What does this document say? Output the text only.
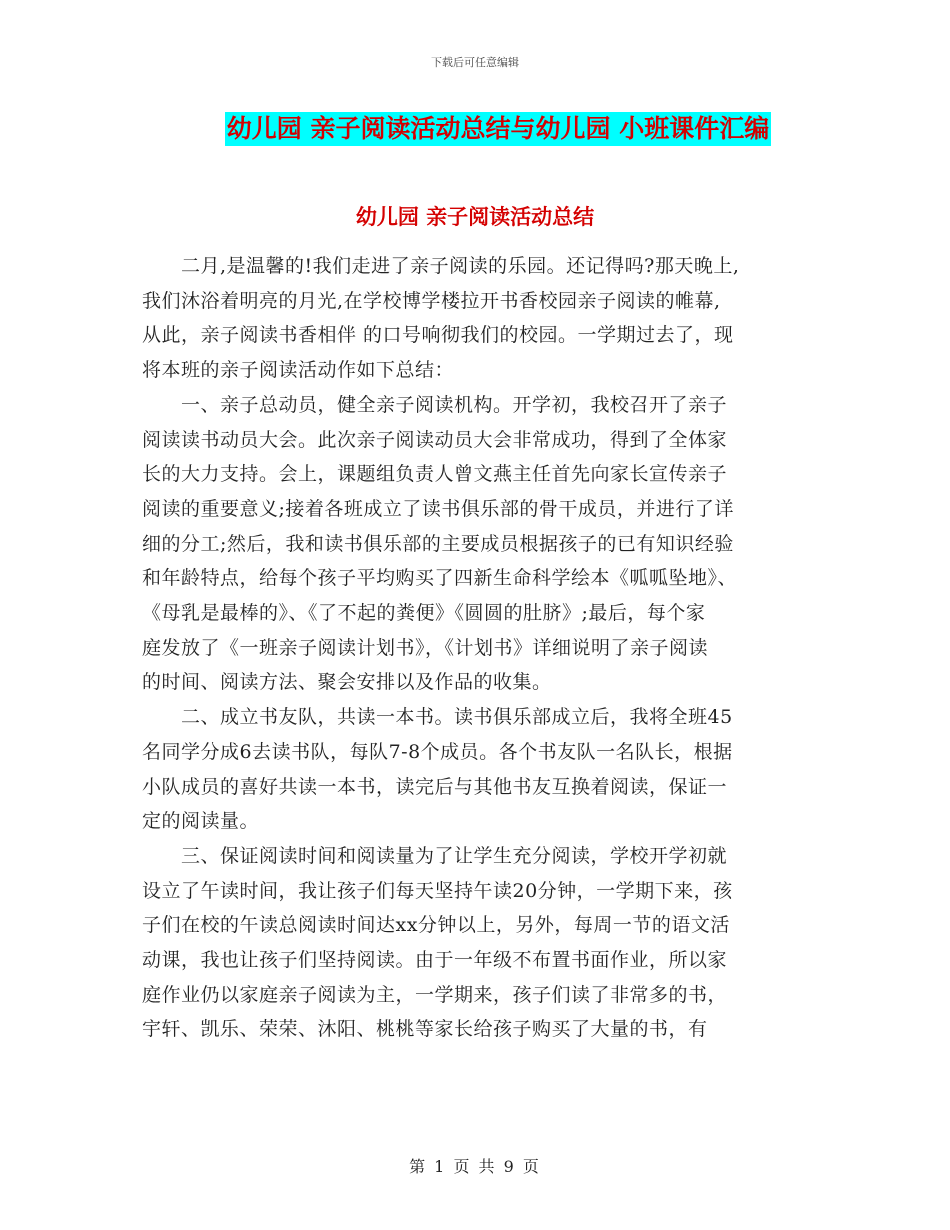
下载后可任意编辑
幼儿园 亲子阅读活动总结与幼儿园 小班课件汇编
幼儿园 亲子阅读活动总结

　　二月,是温馨的!我们走进了亲子阅读的乐园。还记得吗?那天晚上,
我们沐浴着明亮的月光,在学校博学楼拉开书香校园亲子阅读的帷幕,
从此，亲子阅读书香相伴 的口号响彻我们的校园。一学期过去了，现
将本班的亲子阅读活动作如下总结：

　　一、亲子总动员，健全亲子阅读机构。开学初，我校召开了亲子
阅读读书动员大会。此次亲子阅读动员大会非常成功，得到了全体家
长的大力支持。会上，课题组负责人曾文燕主任首先向家长宣传亲子
阅读的重要意义;接着各班成立了读书俱乐部的骨干成员，并进行了详
细的分工;然后，我和读书俱乐部的主要成员根据孩子的已有知识经验
和年龄特点，给每个孩子平均购买了四新生命科学绘本《呱呱坠地》、
《母乳是最棒的》、《了不起的粪便》《圆圆的肚脐》;最后，每个家
庭发放了《一班亲子阅读计划书》，《计划书》详细说明了亲子阅读
的时间、阅读方法、聚会安排以及作品的收集。

　　二、成立书友队，共读一本书。读书俱乐部成立后，我将全班45
名同学分成6去读书队，每队7-8个成员。各个书友队一名队长，根据
小队成员的喜好共读一本书，读完后与其他书友互换着阅读，保证一
定的阅读量。

　　三、保证阅读时间和阅读量为了让学生充分阅读，学校开学初就
设立了午读时间，我让孩子们每天坚持午读20分钟，一学期下来，孩
子们在校的午读总阅读时间达xx分钟以上，另外，每周一节的语文活
动课，我也让孩子们坚持阅读。由于一年级不布置书面作业，所以家
庭作业仍以家庭亲子阅读为主，一学期来，孩子们读了非常多的书，
宇轩、凯乐、荣荣、沐阳、桃桃等家长给孩子购买了大量的书，有

第 1 页 共 9 页
